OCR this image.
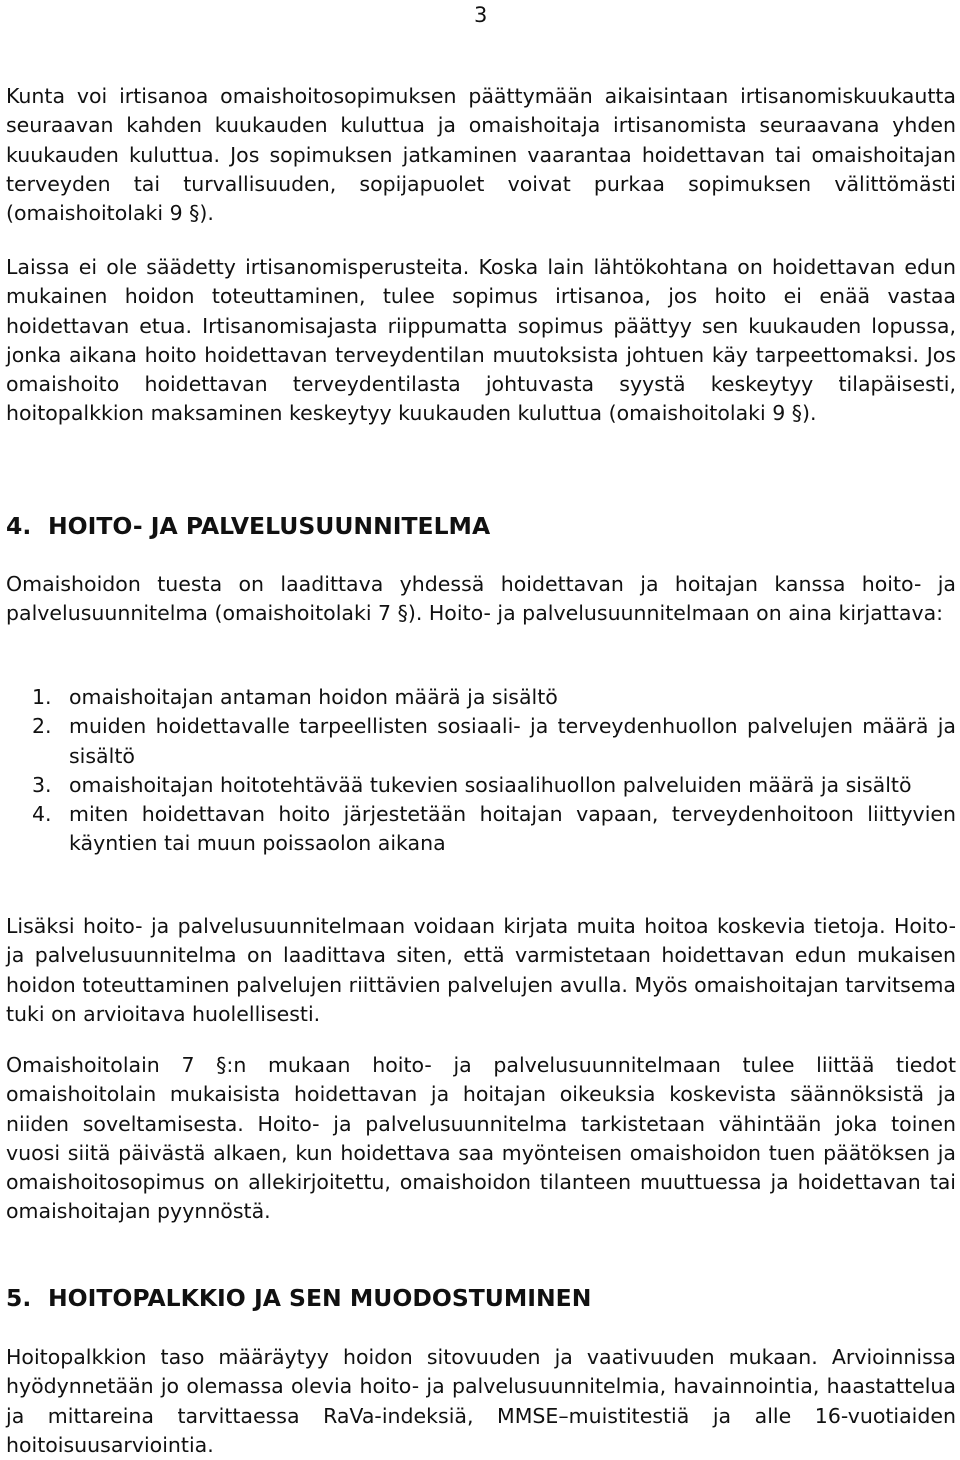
3

Kunta voi irtisanoa omaishoitosopimuksen päättymään aikaisintaan irtisanomiskuukautta seuraavan kahden kuukauden kuluttua ja omaishoitaja irtisanomista seuraavana yhden kuukauden kuluttua. Jos sopimuksen jatkaminen vaarantaa hoidettavan tai omaishoitajan terveyden tai turvallisuuden, sopijapuolet voivat purkaa sopimuksen välittömästi (omaishoitolaki 9 §).

Laissa ei ole säädetty irtisanomisperusteita. Koska lain lähtökohtana on hoidettavan edun mukainen hoidon toteuttaminen, tulee sopimus irtisanoa, jos hoito ei enää vastaa hoidettavan etua. Irtisanomisajasta riippumatta sopimus päättyy sen kuukauden lopussa, jonka aikana hoito hoidettavan terveydentilan muutoksista johtuen käy tarpeettomaksi. Jos omaishoito hoidettavan terveydentilasta johtuvasta syystä keskeytyy tilapäisesti, hoitopalkkion maksaminen keskeytyy kuukauden kuluttua (omaishoitolaki 9 §).

4. HOITO- JA PALVELUSUUNNITELMA

Omaishoidon tuesta on laadittava yhdessä hoidettavan ja hoitajan kanssa hoito- ja palvelusuunnitelma (omaishoitolaki 7 §). Hoito- ja palvelusuunnitelmaan on aina kirjattava:

1. omaishoitajan antaman hoidon määrä ja sisältö
2. muiden hoidettavalle tarpeellisten sosiaali- ja terveydenhuollon palvelujen määrä ja sisältö
3. omaishoitajan hoitotehtävää tukevien sosiaalihuollon palveluiden määrä ja sisältö
4. miten hoidettavan hoito järjestetään hoitajan vapaan, terveydenhoitoon liittyvien käyntien tai muun poissaolon aikana

Lisäksi hoito- ja palvelusuunnitelmaan voidaan kirjata muita hoitoa koskevia tietoja. Hoito- ja palvelusuunnitelma on laadittava siten, että varmistetaan hoidettavan edun mukaisen hoidon toteuttaminen palvelujen riittävien palvelujen avulla. Myös omaishoitajan tarvitsema tuki on arvioitava huolellisesti.

Omaishoitolain 7 §:n mukaan hoito- ja palvelusuunnitelmaan tulee liittää tiedot omaishoitolain mukaisista hoidettavan ja hoitajan oikeuksia koskevista säännöksistä ja niiden soveltamisesta. Hoito- ja palvelusuunnitelma tarkistetaan vähintään joka toinen vuosi siitä päivästä alkaen, kun hoidettava saa myönteisen omaishoidon tuen päätöksen ja omaishoitosopimus on allekirjoitettu, omaishoidon tilanteen muuttuessa ja hoidettavan tai omaishoitajan pyynnöstä.

5. HOITOPALKKIO JA SEN MUODOSTUMINEN

Hoitopalkkion taso määräytyy hoidon sitovuuden ja vaativuuden mukaan. Arvioinnissa hyödynnetään jo olemassa olevia hoito- ja palvelusuunnitelmia, havainnointia, haastattelua ja mittareina tarvittaessa RaVa-indeksiä, MMSE–muistitestiä ja alle 16-vuotiaiden hoitoisuusarviointia.
